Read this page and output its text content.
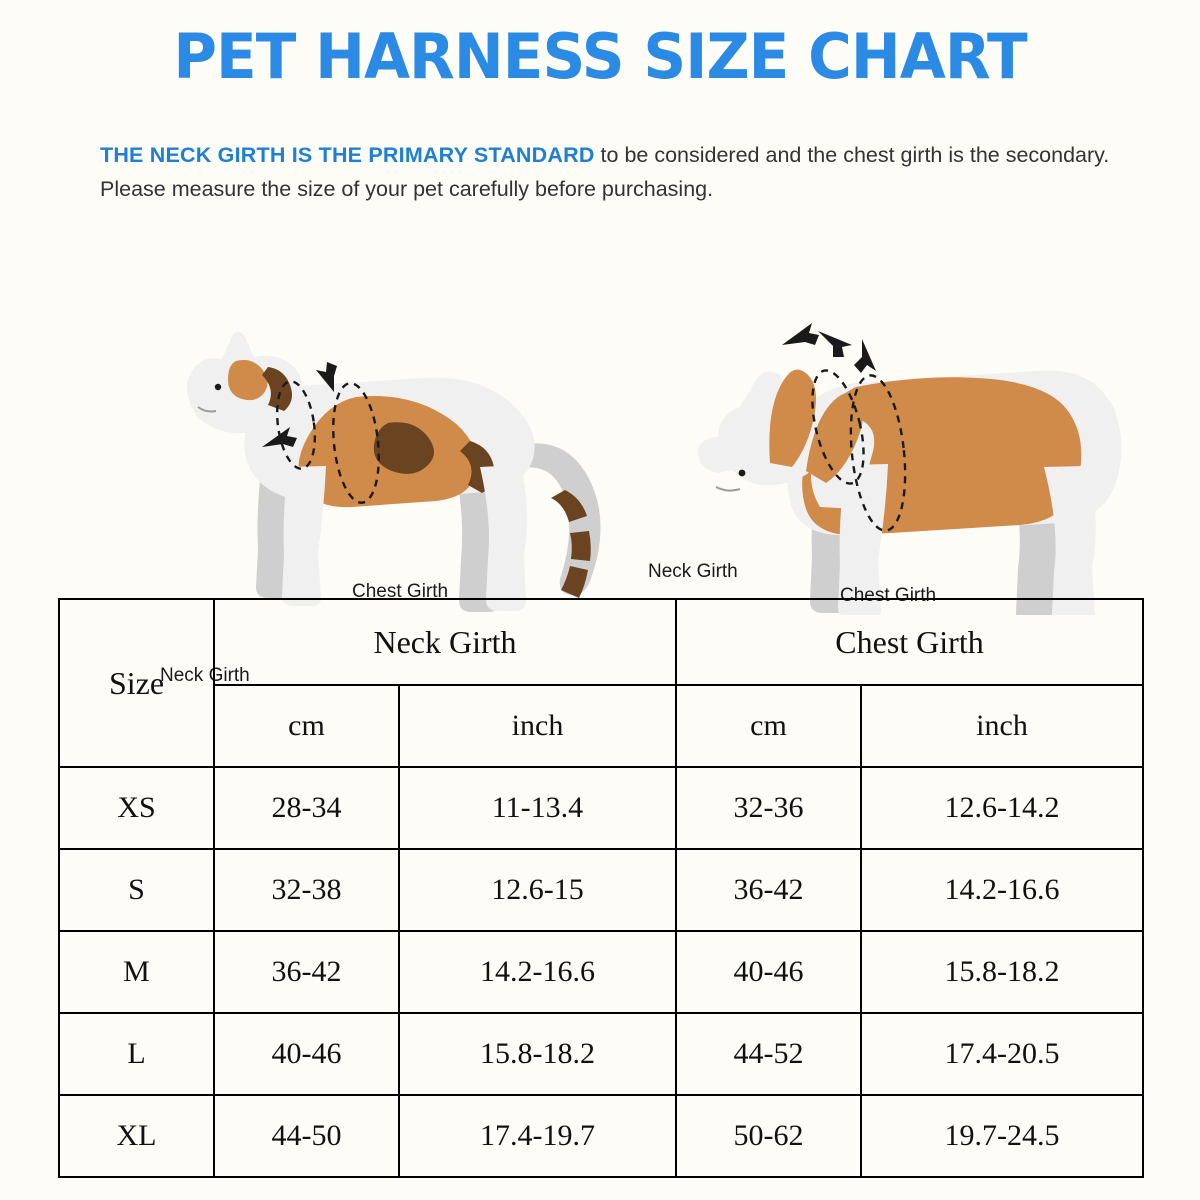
PET HARNESS SIZE CHART
THE NECK GIRTH IS THE PRIMARY STANDARD to be considered and the chest girth is the secondary. Please measure the size of your pet carefully before purchasing.
Neck Girth
Chest Girth
Neck Girth
Chest Girth
Size	Neck Girth		Chest Girth	
	cm	inch	cm	inch
XS	28-34	11-13.4	32-36	12.6-14.2
S	32-38	12.6-15	36-42	14.2-16.6
M	36-42	14.2-16.6	40-46	15.8-18.2
L	40-46	15.8-18.2	44-52	17.4-20.5
XL	44-50	17.4-19.7	50-62	19.7-24.5
